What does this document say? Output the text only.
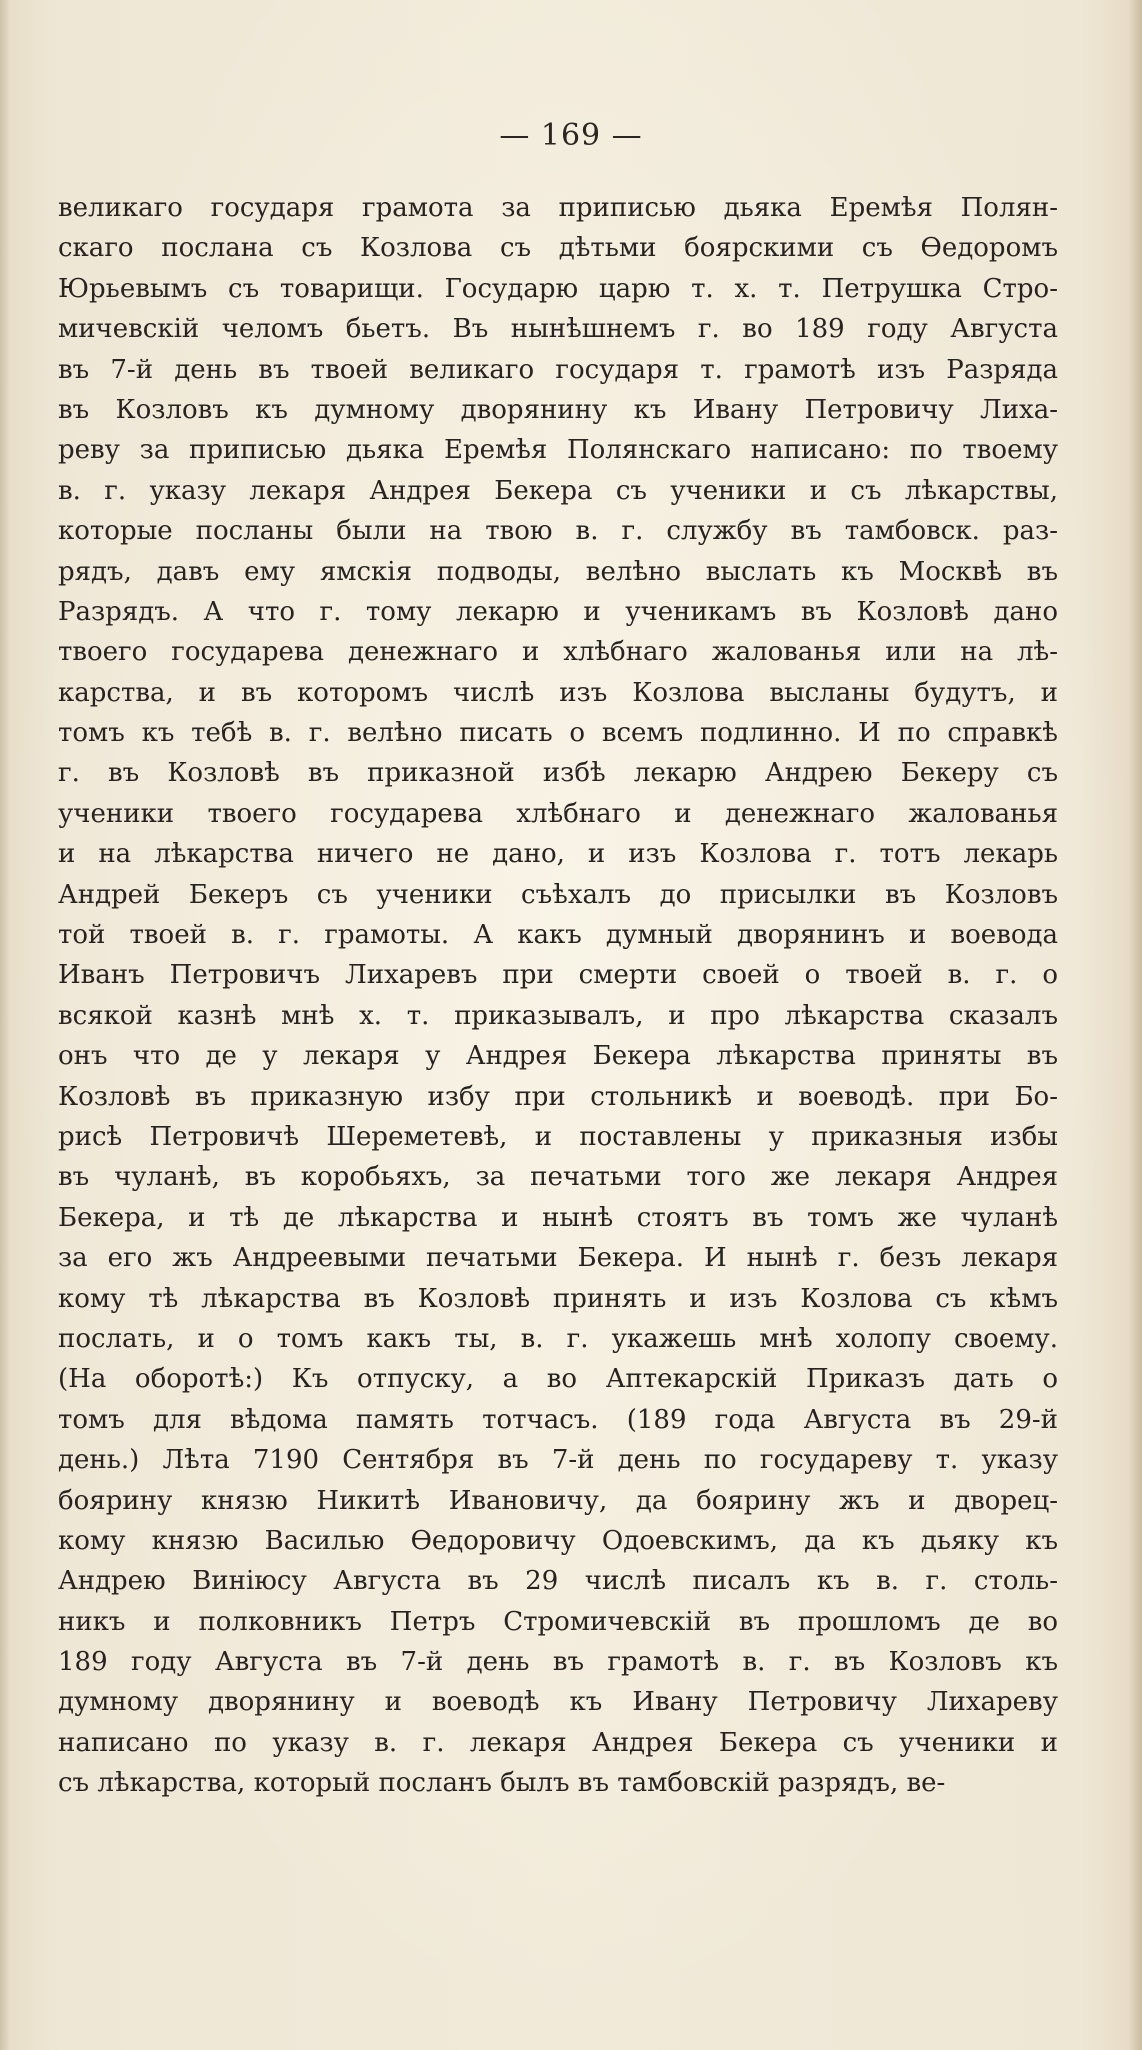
— 169 —
великаго государя грамота за приписью дьяка Еремѣя Полян-
скаго послана съ Козлова съ дѣтьми боярскими съ Ѳедоромъ
Юрьевымъ съ товарищи. Государю царю т. х. т. Петрушка Стро-
мичевскій челомъ бьетъ. Въ нынѣшнемъ г. во 189 году Августа
въ 7-й день въ твоей великаго государя т. грамотѣ изъ Разряда
въ Козловъ къ думному дворянину къ Ивану Петровичу Лиха-
реву за приписью дьяка Еремѣя Полянскаго написано: по твоему
в. г. указу лекаря Андрея Бекера съ ученики и съ лѣкарствы,
которые посланы были на твою в. г. службу въ тамбовск. раз-
рядъ, давъ ему ямскія подводы, велѣно выслать къ Москвѣ въ
Разрядъ. А что г. тому лекарю и ученикамъ въ Козловѣ дано
твоего государева денежнаго и хлѣбнаго жалованья или на лѣ-
карства, и въ которомъ числѣ изъ Козлова высланы будутъ, и
томъ къ тебѣ в. г. велѣно писать о всемъ подлинно. И по справкѣ
г. въ Козловѣ въ приказной избѣ лекарю Андрею Бекеру съ
ученики твоего государева хлѣбнаго и денежнаго жалованья
и на лѣкарства ничего не дано, и изъ Козлова г. тотъ лекарь
Андрей Бекеръ съ ученики съѣхалъ до присылки въ Козловъ
той твоей в. г. грамоты. А какъ думный дворянинъ и воевода
Иванъ Петровичъ Лихаревъ при смерти своей о твоей в. г. о
всякой казнѣ мнѣ х. т. приказывалъ, и про лѣкарства сказалъ
онъ что де у лекаря у Андрея Бекера лѣкарства приняты въ
Козловѣ въ приказную избу при стольникѣ и воеводѣ. при Бо-
рисѣ Петровичѣ Шереметевѣ, и поставлены у приказныя избы
въ чуланѣ, въ коробьяхъ, за печатьми того же лекаря Андрея
Бекера, и тѣ де лѣкарства и нынѣ стоятъ въ томъ же чуланѣ
за его жъ Андреевыми печатьми Бекера. И нынѣ г. безъ лекаря
кому тѣ лѣкарства въ Козловѣ принять и изъ Козлова съ кѣмъ
послать, и о томъ какъ ты, в. г. укажешь мнѣ холопу своему.
(На оборотѣ:) Къ отпуску, а во Аптекарскій Приказъ дать о
томъ для вѣдома память тотчасъ. (189 года Августа въ 29-й
день.) Лѣта 7190 Сентября въ 7-й день по государеву т. указу
боярину князю Никитѣ Ивановичу, да боярину жъ и дворец-
кому князю Василью Ѳедоровичу Одоевскимъ, да къ дьяку къ
Андрею Виніюсу Августа въ 29 числѣ писалъ къ в. г. столь-
никъ и полковникъ Петръ Стромичевскій въ прошломъ де во
189 году Августа въ 7-й день въ грамотѣ в. г. въ Козловъ къ
думному дворянину и воеводѣ къ Ивану Петровичу Лихареву
написано по указу в. г. лекаря Андрея Бекера съ ученики и
съ лѣкарства, который посланъ былъ въ тамбовскій разрядъ, ве-
